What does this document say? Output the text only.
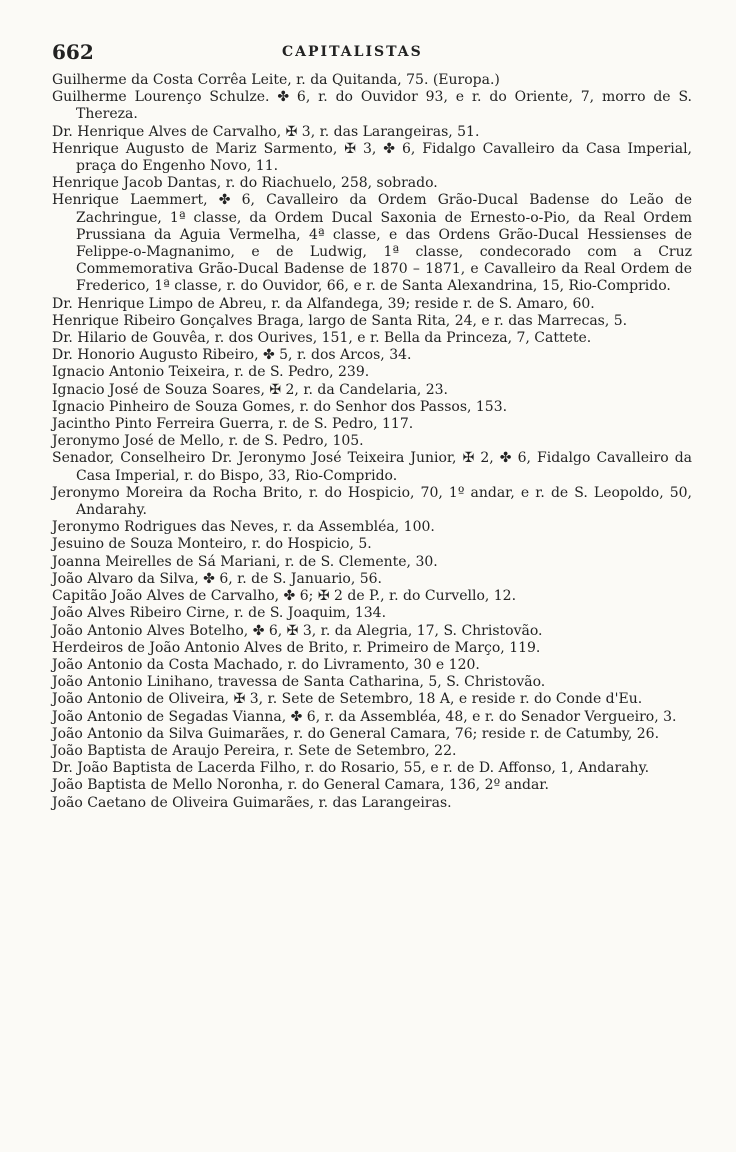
662	CAPITALISTAS
Guilherme da Costa Corrêa Leite, r. da Quitanda, 75. (Europa.)
Guilherme Lourenço Schulze. ✤ 6, r. do Ouvidor 93, e r. do Oriente, 7, morro de S. Thereza.
Dr. Henrique Alves de Carvalho, ✠ 3, r. das Larangeiras, 51.
Henrique Augusto de Mariz Sarmento, ✠ 3, ✤ 6, Fidalgo Cavalleiro da Casa Imperial, praça do Engenho Novo, 11.
Henrique Jacob Dantas, r. do Riachuelo, 258, sobrado.
Henrique Laemmert, ✤ 6, Cavalleiro da Ordem Grão-Ducal Badense do Leão de Zachringue, 1ª classe, da Ordem Ducal Saxonia de Ernesto-o-Pio, da Real Ordem Prussiana da Aguia Vermelha, 4ª classe, e das Ordens Grão-Ducal Hessienses de Felippe-o-Magnanimo, e de Ludwig, 1ª classe, condecorado com a Cruz Commemorativa Grão-Ducal Badense de 1870 – 1871, e Cavalleiro da Real Ordem de Frederico, 1ª classe, r. do Ouvidor, 66, e r. de Santa Alexandrina, 15, Rio-Comprido.
Dr. Henrique Limpo de Abreu, r. da Alfandega, 39; reside r. de S. Amaro, 60.
Henrique Ribeiro Gonçalves Braga, largo de Santa Rita, 24, e r. das Marrecas, 5.
Dr. Hilario de Gouvêa, r. dos Ourives, 151, e r. Bella da Princeza, 7, Cattete.
Dr. Honorio Augusto Ribeiro, ✤ 5, r. dos Arcos, 34.
Ignacio Antonio Teixeira, r. de S. Pedro, 239.
Ignacio José de Souza Soares, ✠ 2, r. da Candelaria, 23.
Ignacio Pinheiro de Souza Gomes, r. do Senhor dos Passos, 153.
Jacintho Pinto Ferreira Guerra, r. de S. Pedro, 117.
Jeronymo José de Mello, r. de S. Pedro, 105.
Senador, Conselheiro Dr. Jeronymo José Teixeira Junior, ✠ 2, ✤ 6, Fidalgo Cavalleiro da Casa Imperial, r. do Bispo, 33, Rio-Comprido.
Jeronymo Moreira da Rocha Brito, r. do Hospicio, 70, 1º andar, e r. de S. Leopoldo, 50, Andarahy.
Jeronymo Rodrigues das Neves, r. da Assembléa, 100.
Jesuino de Souza Monteiro, r. do Hospicio, 5.
Joanna Meirelles de Sá Mariani, r. de S. Clemente, 30.
João Alvaro da Silva, ✤ 6, r. de S. Januario, 56.
Capitão João Alves de Carvalho, ✤ 6; ✠ 2 de P., r. do Curvello, 12.
João Alves Ribeiro Cirne, r. de S. Joaquim, 134.
João Antonio Alves Botelho, ✤ 6, ✠ 3, r. da Alegria, 17, S. Christovão.
Herdeiros de João Antonio Alves de Brito, r. Primeiro de Março, 119.
João Antonio da Costa Machado, r. do Livramento, 30 e 120.
João Antonio Linihano, travessa de Santa Catharina, 5, S. Christovão.
João Antonio de Oliveira, ✠ 3, r. Sete de Setembro, 18 A, e reside r. do Conde d'Eu.
João Antonio de Segadas Vianna, ✤ 6, r. da Assembléa, 48, e r. do Senador Vergueiro, 3.
João Antonio da Silva Guimarães, r. do General Camara, 76; reside r. de Catumby, 26.
João Baptista de Araujo Pereira, r. Sete de Setembro, 22.
Dr. João Baptista de Lacerda Filho, r. do Rosario, 55, e r. de D. Affonso, 1, Andarahy.
João Baptista de Mello Noronha, r. do General Camara, 136, 2º andar.
João Caetano de Oliveira Guimarães, r. das Larangeiras.
